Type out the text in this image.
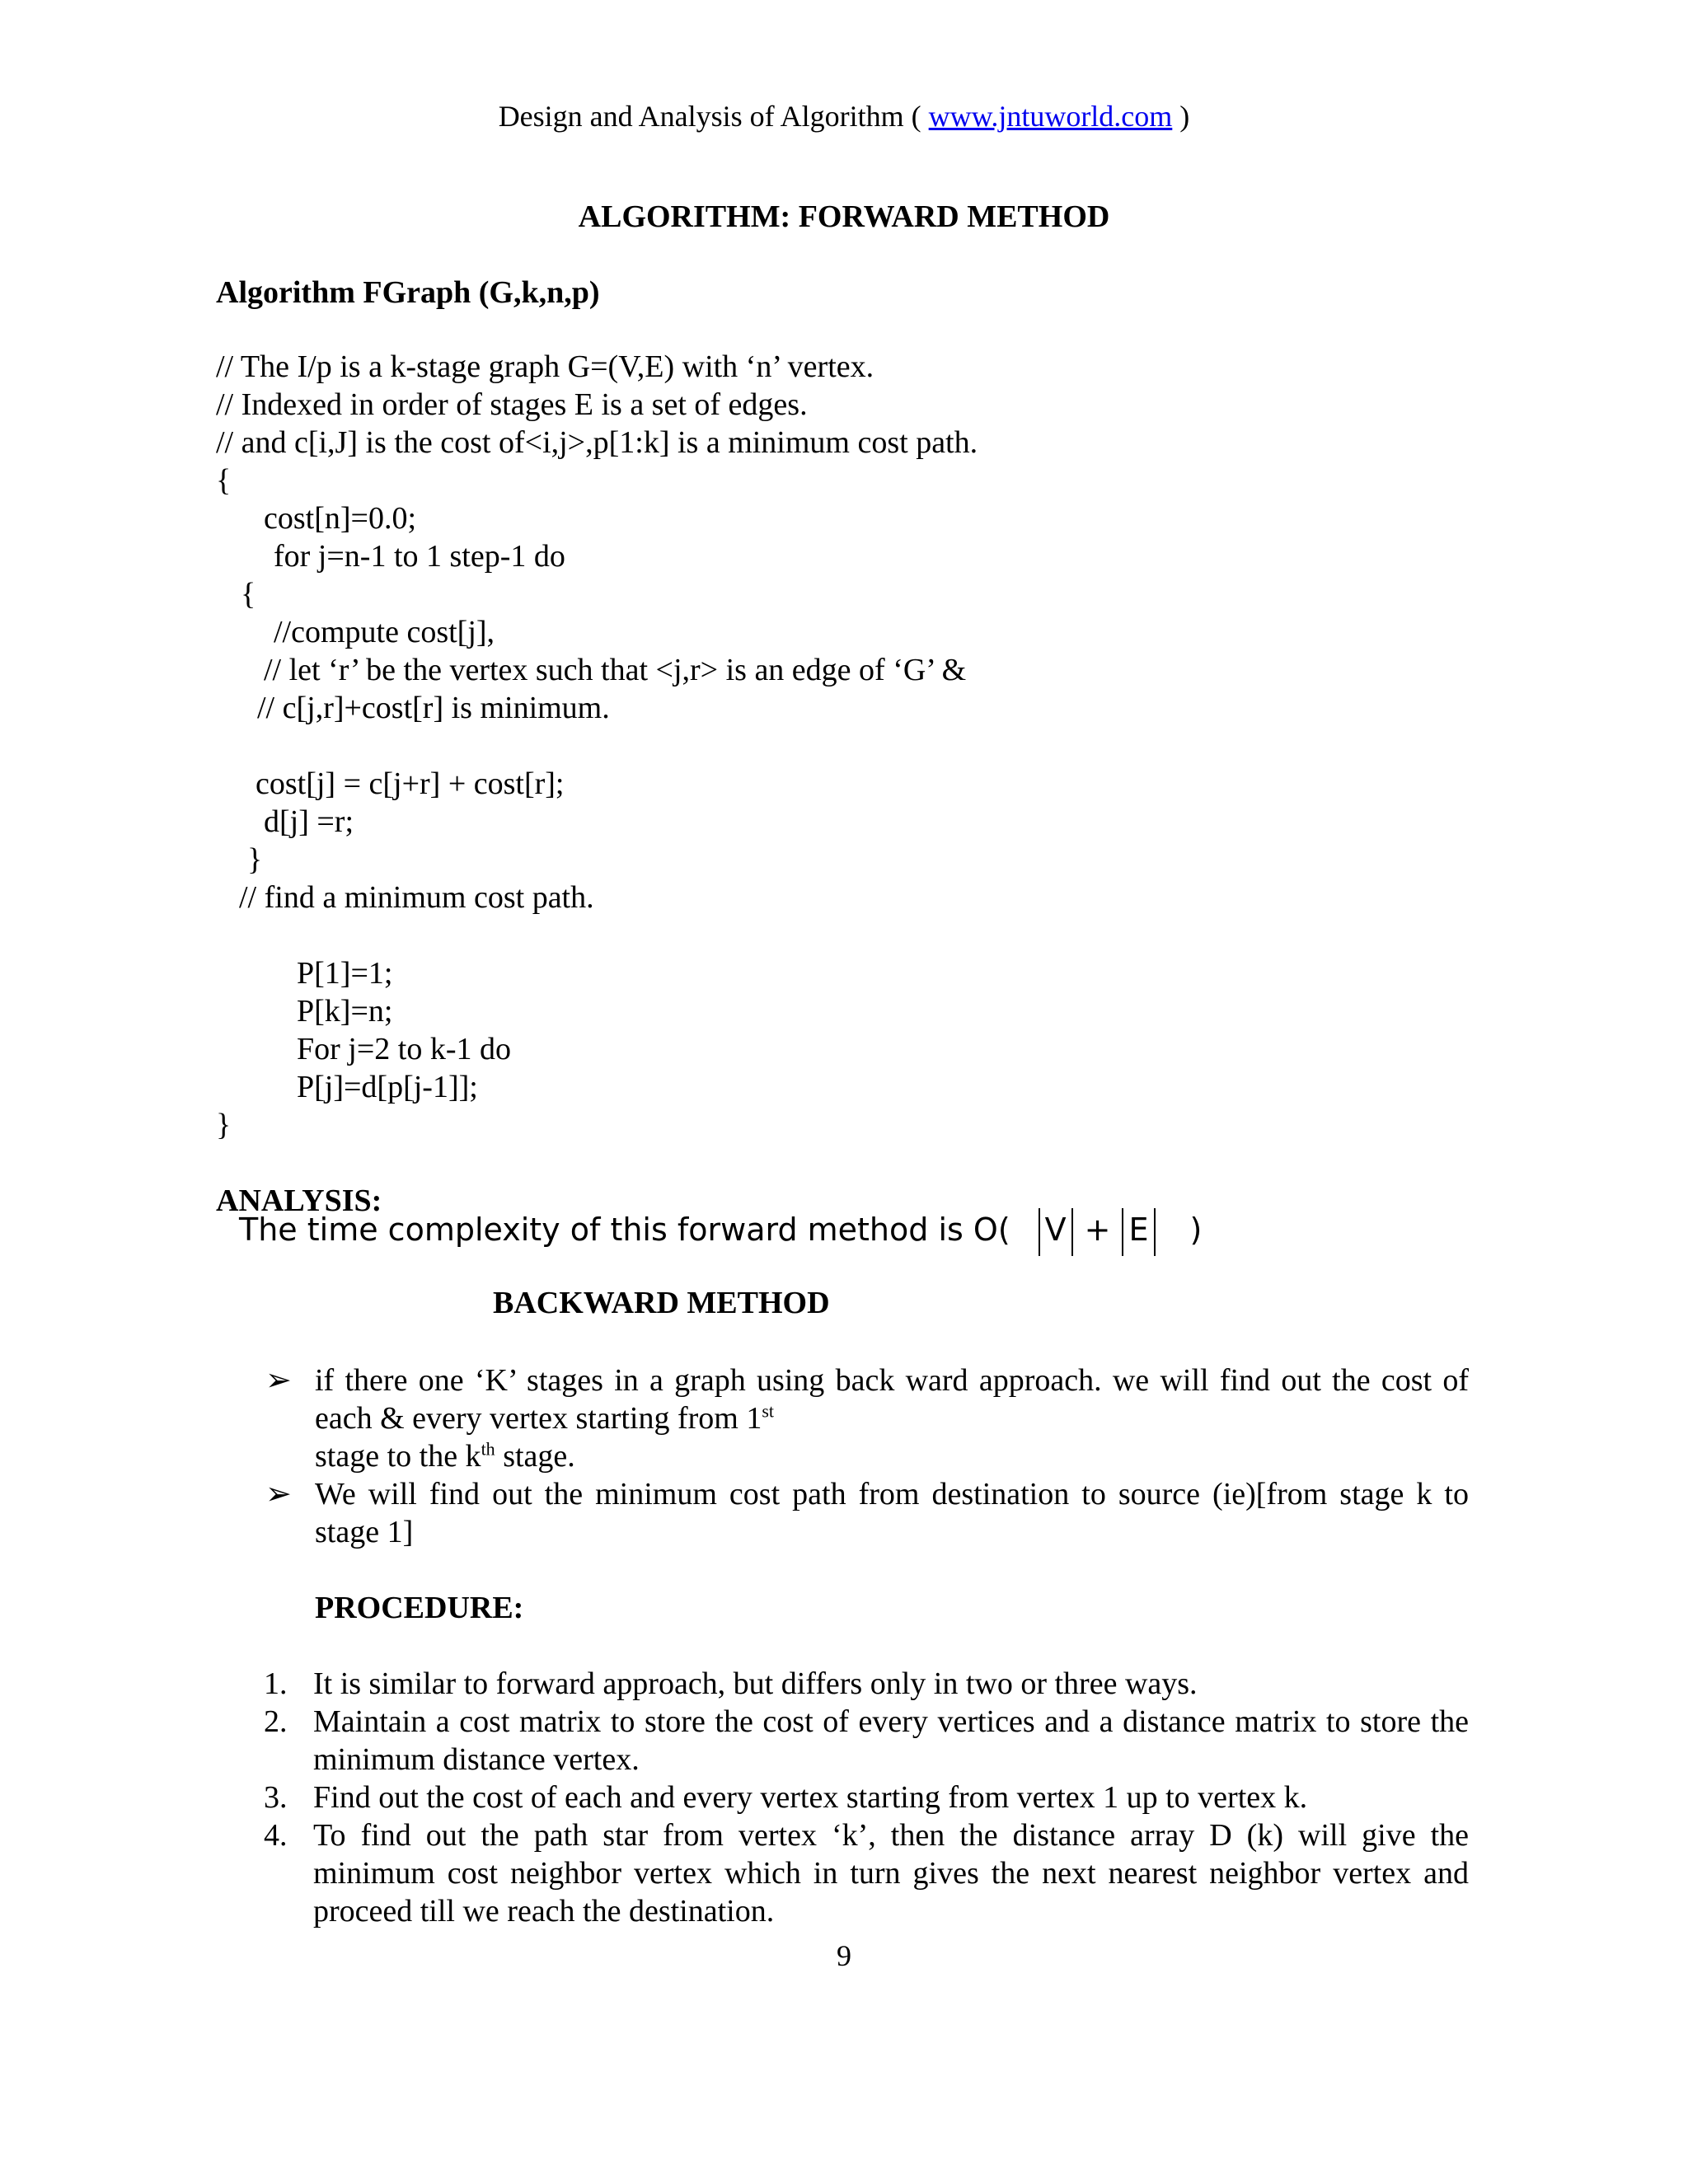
Design and Analysis of Algorithm ( www.jntuworld.com )
ALGORITHM: FORWARD METHOD
Algorithm FGraph (G,k,n,p)
// The I/p is a k-stage graph G=(V,E) with ‘n’ vertex.
// Indexed in order of stages E is a set of edges.
// and c[i,J] is the cost of<i,j>,p[1:k] is a minimum cost path.
{
cost[n]=0.0;
for j=n-1 to 1 step-1 do
{
//compute cost[j],
// let ‘r’ be the vertex such that <j,r> is an edge of ‘G’ &
// c[j,r]+cost[r] is minimum.
cost[j] = c[j+r] + cost[r];
d[j] =r;
}
// find a minimum cost path.
P[1]=1;
P[k]=n;
For j=2 to k-1 do
P[j]=d[p[j-1]];
}
ANALYSIS:
The time complexity of this forward method is O( V + E )
BACKWARD METHOD
➢ if there one ‘K’ stages in a graph using back ward approach. we will find out the cost of each & every vertex starting from 1st
stage to the $k^{th}$ stage.
➢ We will find out the minimum cost path from destination to source (ie)[from stage k to stage 1]
PROCEDURE:
1. It is similar to forward approach, but differs only in two or three ways.
2. Maintain a cost matrix to store the cost of every vertices and a distance matrix to store the minimum distance vertex.
3. Find out the cost of each and every vertex starting from vertex 1 up to vertex k.
4. To find out the path star from vertex ‘k’, then the distance array D (k) will give the minimum cost neighbor vertex which in turn gives the next nearest neighbor vertex and proceed till we reach the destination.
9
